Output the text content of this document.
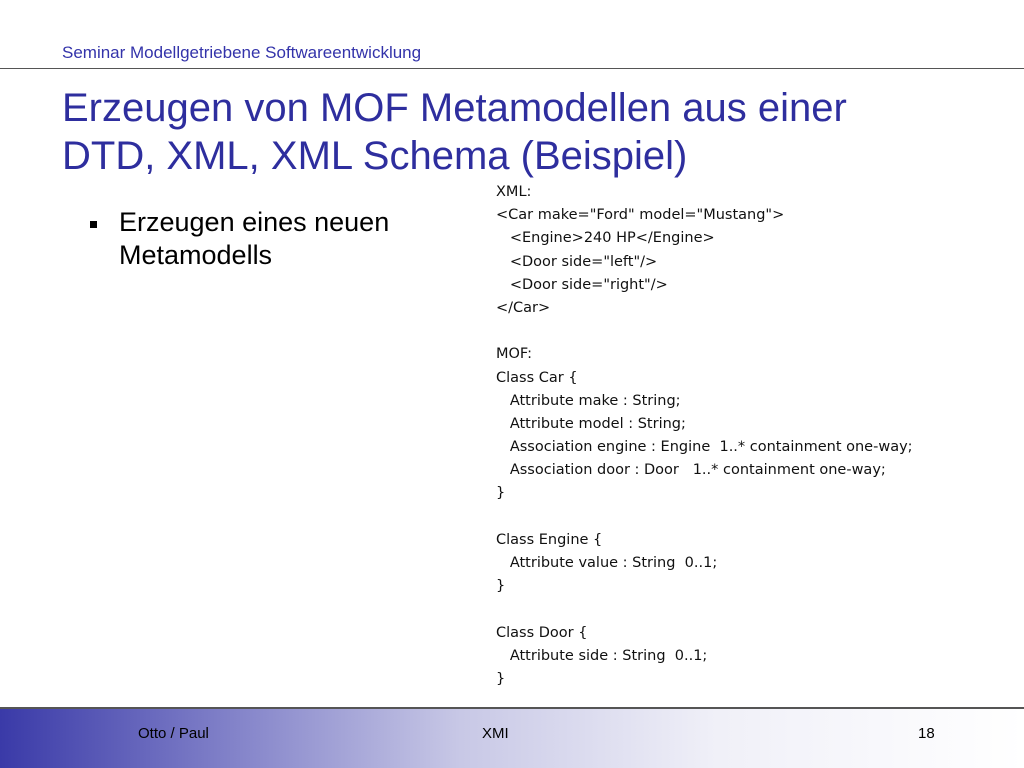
Seminar Modellgetriebene Softwareentwicklung
Erzeugen von MOF Metamodellen aus einer
DTD, XML, XML Schema (Beispiel)
Erzeugen eines neuen Metamodells
XML:
<Car make="Ford" model="Mustang">
<Engine>240 HP</Engine>
<Door side="left"/>
<Door side="right"/>
</Car>
MOF:
Class Car {
Attribute make : String;
Attribute model : String;
Association engine : Engine  1..* containment one-way;
Association door : Door   1..* containment one-way;
}
Class Engine {
Attribute value : String  0..1;
}
Class Door {
Attribute side : String  0..1;
}
Otto / Paul	XMI	18
